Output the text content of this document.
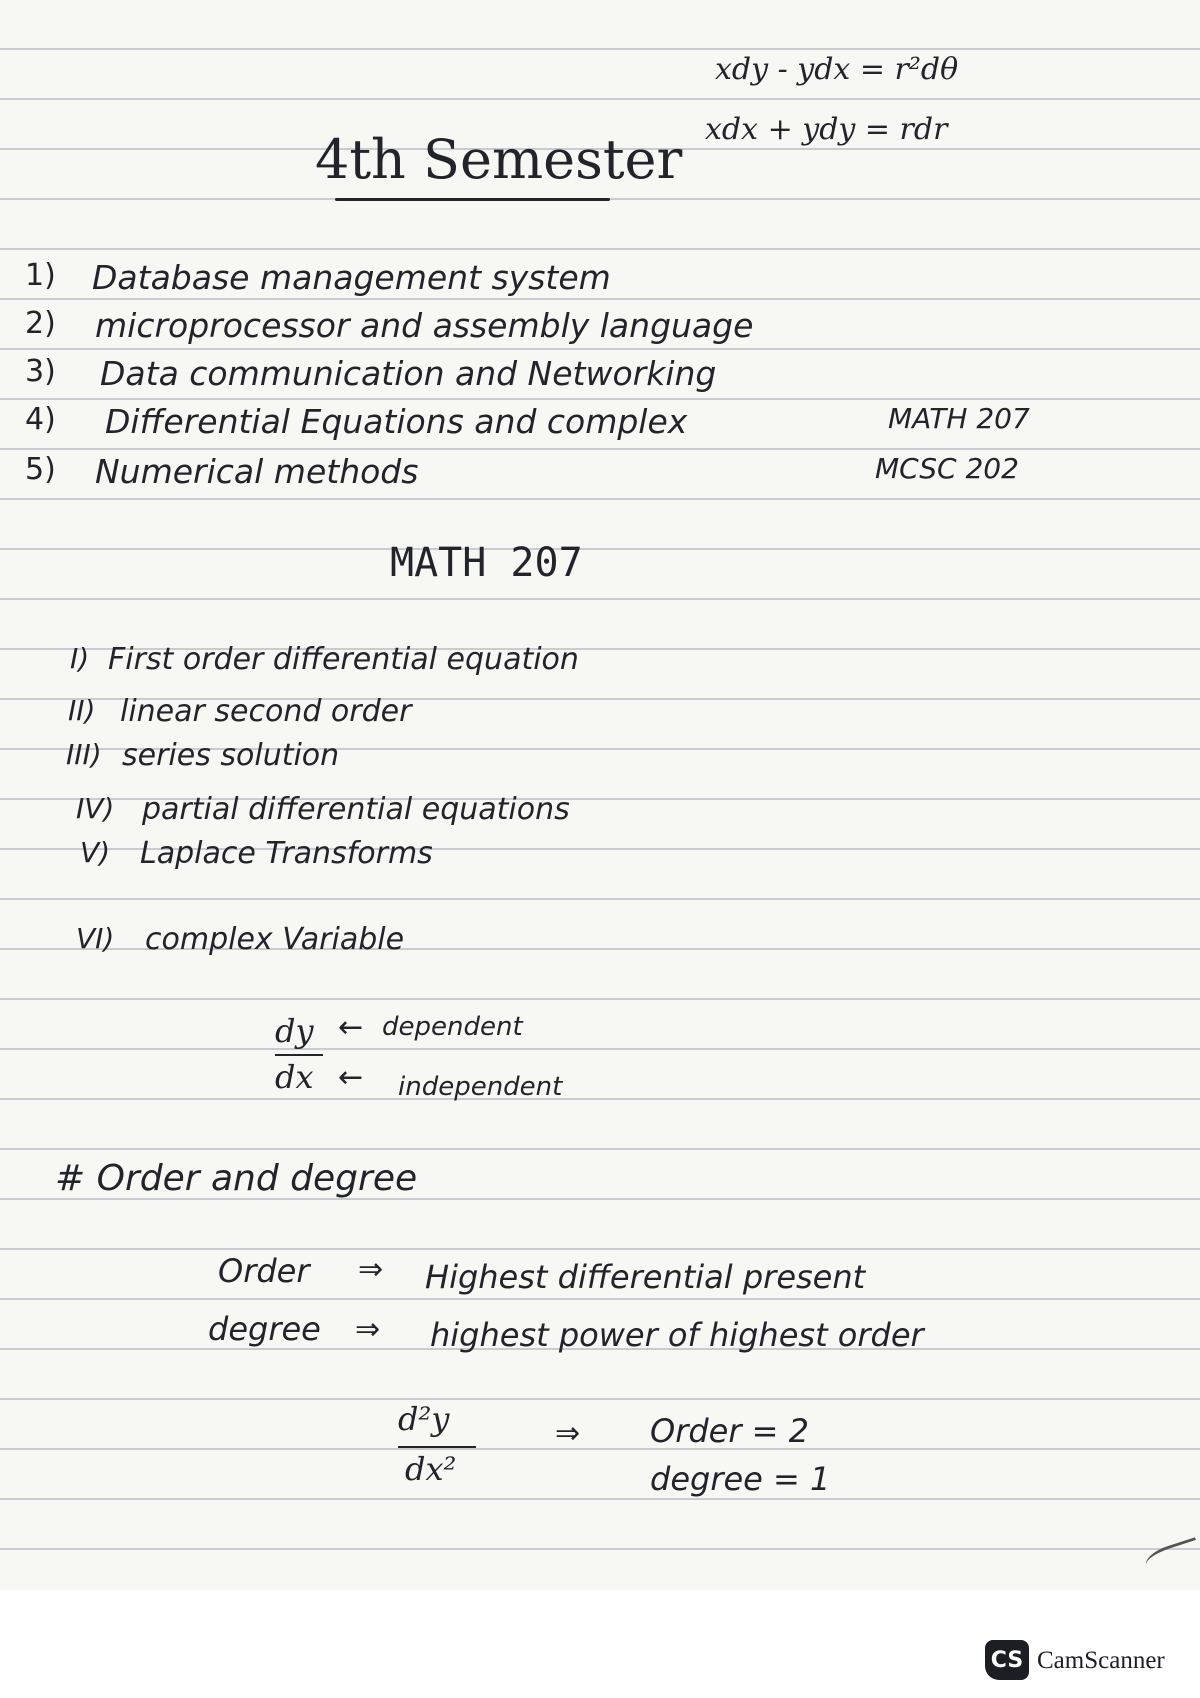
xdy - ydx = r²dθ
xdx + ydy = rdr
4th Semester
1) Database management system
2) microprocessor and assembly language
3) Data communication and Networking
4) Differential Equations and complex	MATH 207
5) Numerical methods	MCSC 202
MATH 207
I) First order differential equation
II) linear second order
III) series solution
IV) partial differential equations
V) Laplace Transforms
VI) complex Variable
dy
dx
← dependent
← independent
# Order and degree
Order ⇒ Highest differential present
degree ⇒ highest power of highest order
d²y
dx²
⇒ Order = 2
degree = 1
CS CamScanner
